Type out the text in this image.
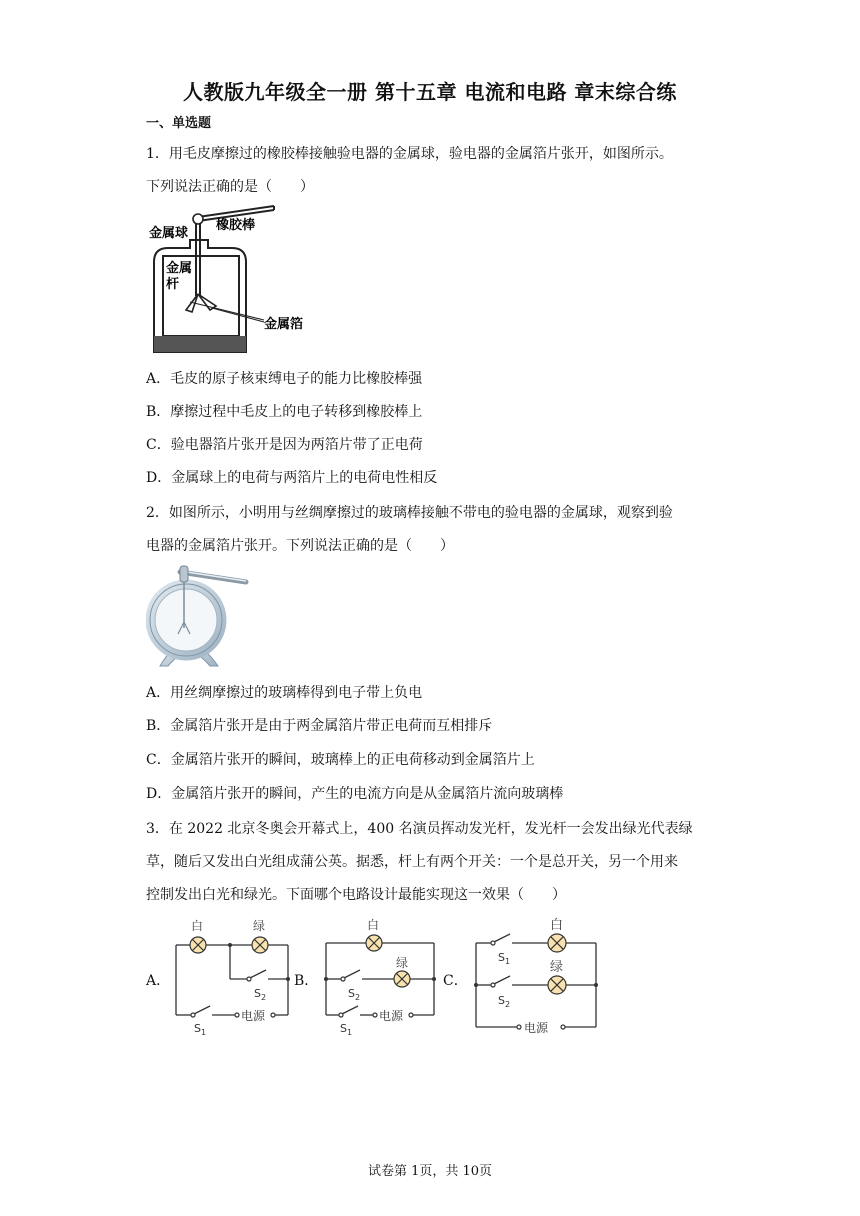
人教版九年级全一册 第十五章 电流和电路 章末综合练
一、单选题
1．用毛皮摩擦过的橡胶棒接触验电器的金属球，验电器的金属箔片张开，如图所示。
下列说法正确的是（　　）
橡胶棒
金属球
金属
杆
金属箔
A．毛皮的原子核束缚电子的能力比橡胶棒强
B．摩擦过程中毛皮上的电子转移到橡胶棒上
C．验电器箔片张开是因为两箔片带了正电荷
D．金属球上的电荷与两箔片上的电荷电性相反
2．如图所示，小明用与丝绸摩擦过的玻璃棒接触不带电的验电器的金属球，观察到验
电器的金属箔片张开。下列说法正确的是（　　）
A．用丝绸摩擦过的玻璃棒得到电子带上负电
B．金属箔片张开是由于两金属箔片带正电荷而互相排斥
C．金属箔片张开的瞬间，玻璃棒上的正电荷移动到金属箔片上
D．金属箔片张开的瞬间，产生的电流方向是从金属箔片流向玻璃棒
3．在 2022 北京冬奥会开幕式上，400 名演员挥动发光杆，发光杆一会发出绿光代表绿
草，随后又发出白光组成蒲公英。据悉，杆上有两个开关：一个是总开关，另一个用来
控制发出白光和绿光。下面哪个电路设计最能实现这一效果（　　）
A．	B．	C．
白	绿
$S_2$
$S_1$
电源
白
绿
$S_2$
$S_1$
电源
白
绿
$S_1$
$S_2$
电源
试卷第 1页，共 10页
